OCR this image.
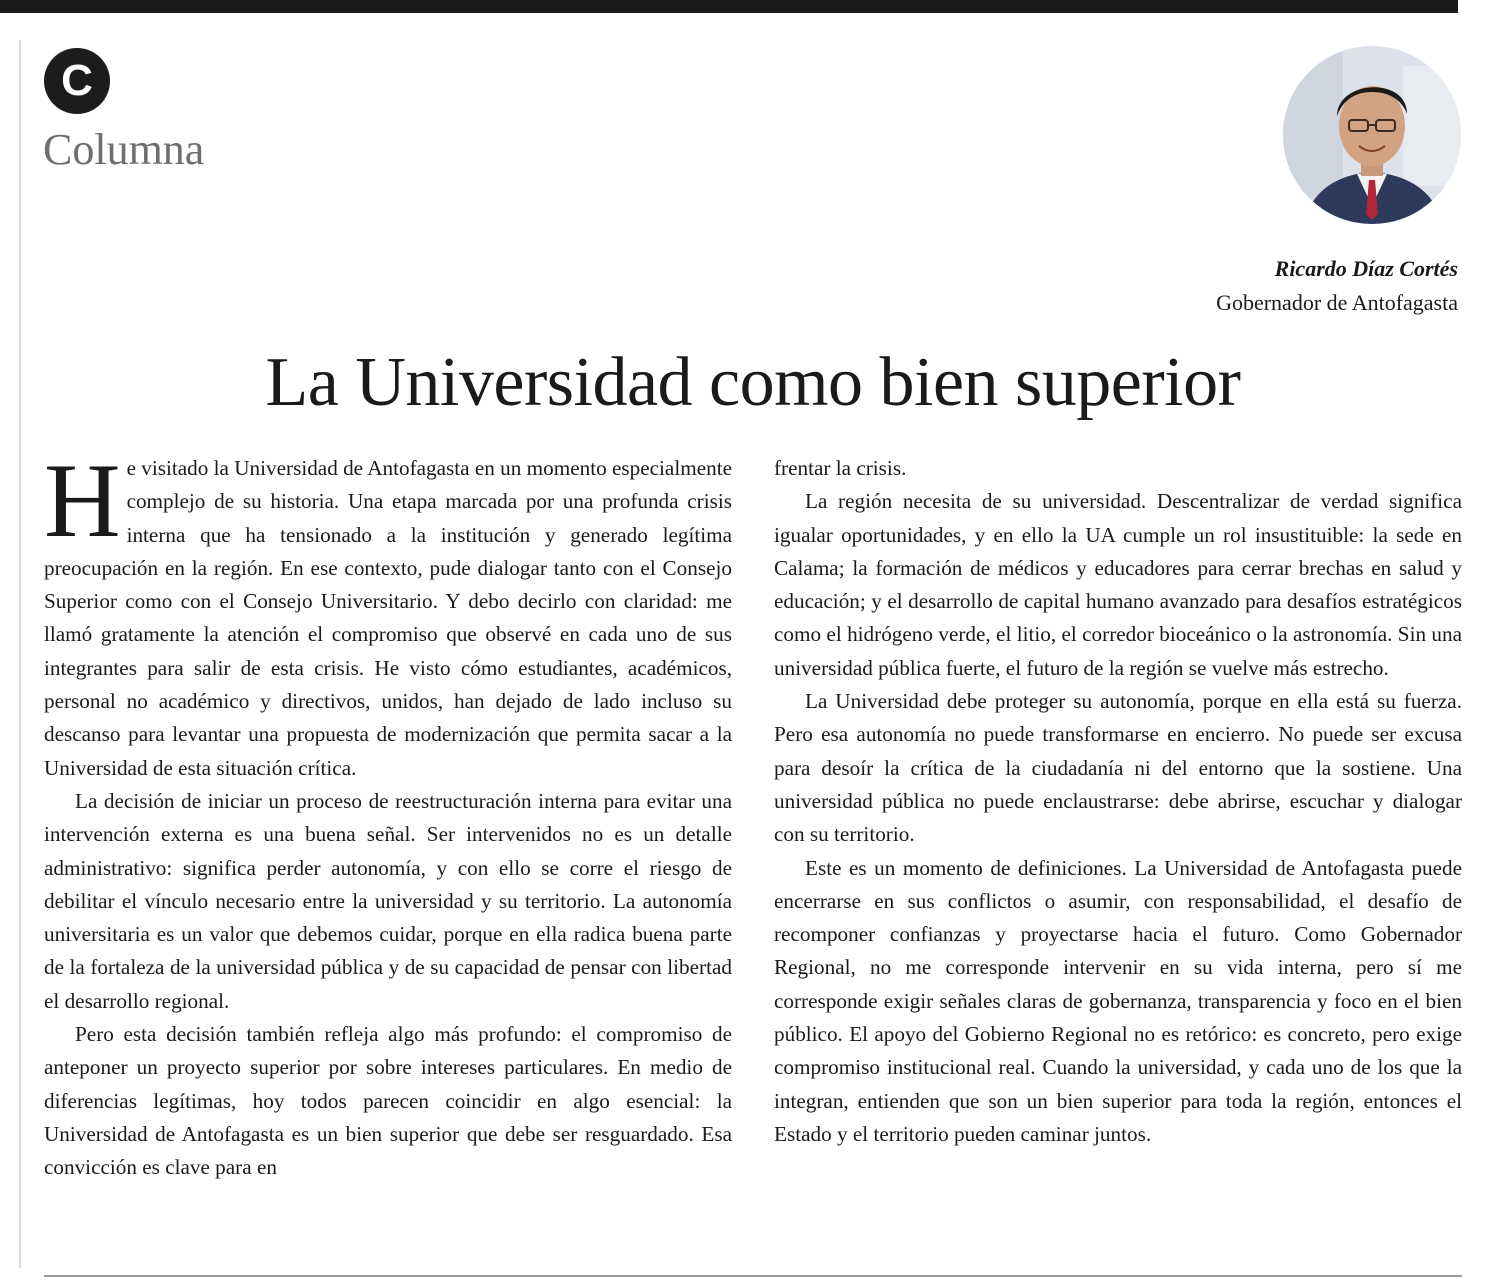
C
Columna
Ricardo Díaz Cortés
Gobernador de Antofagasta
La Universidad como bien superior

He visitado la Universidad de Antofagasta en un momento especialmente complejo de su historia. Una etapa marcada por una profunda crisis interna que ha tensionado a la institución y generado legítima preocupación en la región. En ese contexto, pude dialogar tanto con el Consejo Superior como con el Consejo Universitario. Y debo decirlo con claridad: me llamó gratamente la atención el compromiso que observé en cada uno de sus integrantes para salir de esta crisis. He visto cómo estudiantes, académicos, personal no académico y directivos, unidos, han dejado de lado incluso su descanso para levantar una propuesta de modernización que permita sacar a la Universidad de esta situación crítica.

La decisión de iniciar un proceso de reestructuración interna para evitar una intervención externa es una buena señal. Ser intervenidos no es un detalle administrativo: significa perder autonomía, y con ello se corre el riesgo de debilitar el vínculo necesario entre la universidad y su territorio. La autonomía universitaria es un valor que debemos cuidar, porque en ella radica buena parte de la fortaleza de la universidad pública y de su capacidad de pensar con libertad el desarrollo regional.

Pero esta decisión también refleja algo más profundo: el compromiso de anteponer un proyecto superior por sobre intereses particulares. En medio de diferencias legítimas, hoy todos parecen coincidir en algo esencial: la Universidad de Antofagasta es un bien superior que debe ser resguardado. Esa convicción es clave para en

frentar la crisis.

La región necesita de su universidad. Descentralizar de verdad significa igualar oportunidades, y en ello la UA cumple un rol insustituible: la sede en Calama; la formación de médicos y educadores para cerrar brechas en salud y educación; y el desarrollo de capital humano avanzado para desafíos estratégicos como el hidrógeno verde, el litio, el corredor bioceánico o la astronomía. Sin una universidad pública fuerte, el futuro de la región se vuelve más estrecho.

La Universidad debe proteger su autonomía, porque en ella está su fuerza. Pero esa autonomía no puede transformarse en encierro. No puede ser excusa para desoír la crítica de la ciudadanía ni del entorno que la sostiene. Una universidad pública no puede enclaustrarse: debe abrirse, escuchar y dialogar con su territorio.

Este es un momento de definiciones. La Universidad de Antofagasta puede encerrarse en sus conflictos o asumir, con responsabilidad, el desafío de recomponer confianzas y proyectarse hacia el futuro. Como Gobernador Regional, no me corresponde intervenir en su vida interna, pero sí me corresponde exigir señales claras de gobernanza, transparencia y foco en el bien público. El apoyo del Gobierno Regional no es retórico: es concreto, pero exige compromiso institucional real. Cuando la universidad, y cada uno de los que la integran, entienden que son un bien superior para toda la región, entonces el Estado y el territorio pueden caminar juntos.
